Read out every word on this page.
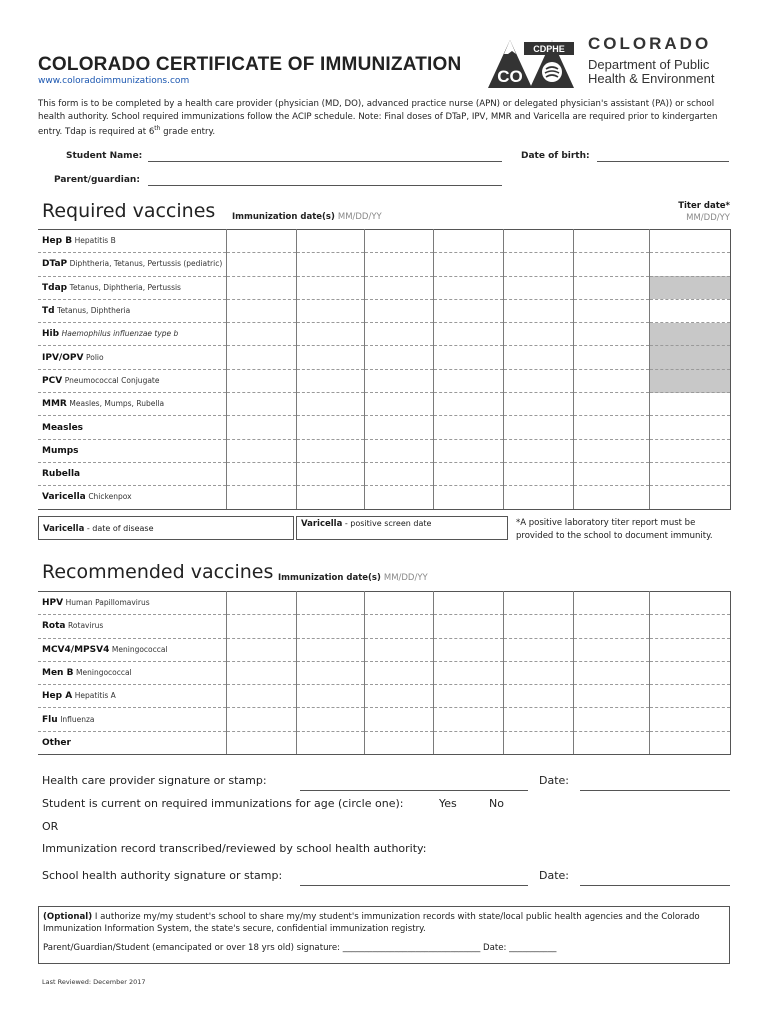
COLORADO CERTIFICATE OF IMMUNIZATION
www.coloradoimmunizations.com
CDPHE
CO
COLORADO
Department of Public
Health & Environment
This form is to be completed by a health care provider (physician (MD, DO), advanced practice nurse (APN) or delegated physician's assistant (PA)) or school health authority. School required immunizations follow the ACIP schedule. Note: Final doses of DTaP, IPV, MMR and Varicella are required prior to kindergarten entry. Tdap is required at 6th grade entry.
Student Name:	Date of birth:
Parent/guardian:
Required vaccines Immunization date(s) MM/DD/YY
Titer date*
MM/DD/YY
Hep B Hepatitis B							
DTaP Diphtheria, Tetanus, Pertussis (pediatric)							
Tdap Tetanus, Diphtheria, Pertussis							
Td Tetanus, Diphtheria							
Hib Haemophilus influenzae type b							
IPV/OPV Polio							
PCV Pneumococcal Conjugate							
MMR Measles, Mumps, Rubella							
Measles							
Mumps							
Rubella							
Varicella Chickenpox							
Varicella - date of disease	Varicella - positive screen date	*A positive laboratory titer report must be provided to the school to document immunity.
Recommended vaccines Immunization date(s) MM/DD/YY
HPV Human Papillomavirus							
Rota Rotavirus							
MCV4/MPSV4 Meningococcal							
Men B Meningococcal							
Hep A Hepatitis A							
Flu Influenza							
Other							
Health care provider signature or stamp:	Date:
Student is current on required immunizations for age (circle one):	Yes	No
OR
Immunization record transcribed/reviewed by school health authority:
School health authority signature or stamp:	Date:
(Optional) I authorize my/my student's school to share my/my student's immunization records with state/local public health agencies and the Colorado Immunization Information System, the state's secure, confidential immunization registry.
Parent/Guardian/Student (emancipated or over 18 yrs old) signature: ________________________________ Date: ___________
Last Reviewed: December 2017
